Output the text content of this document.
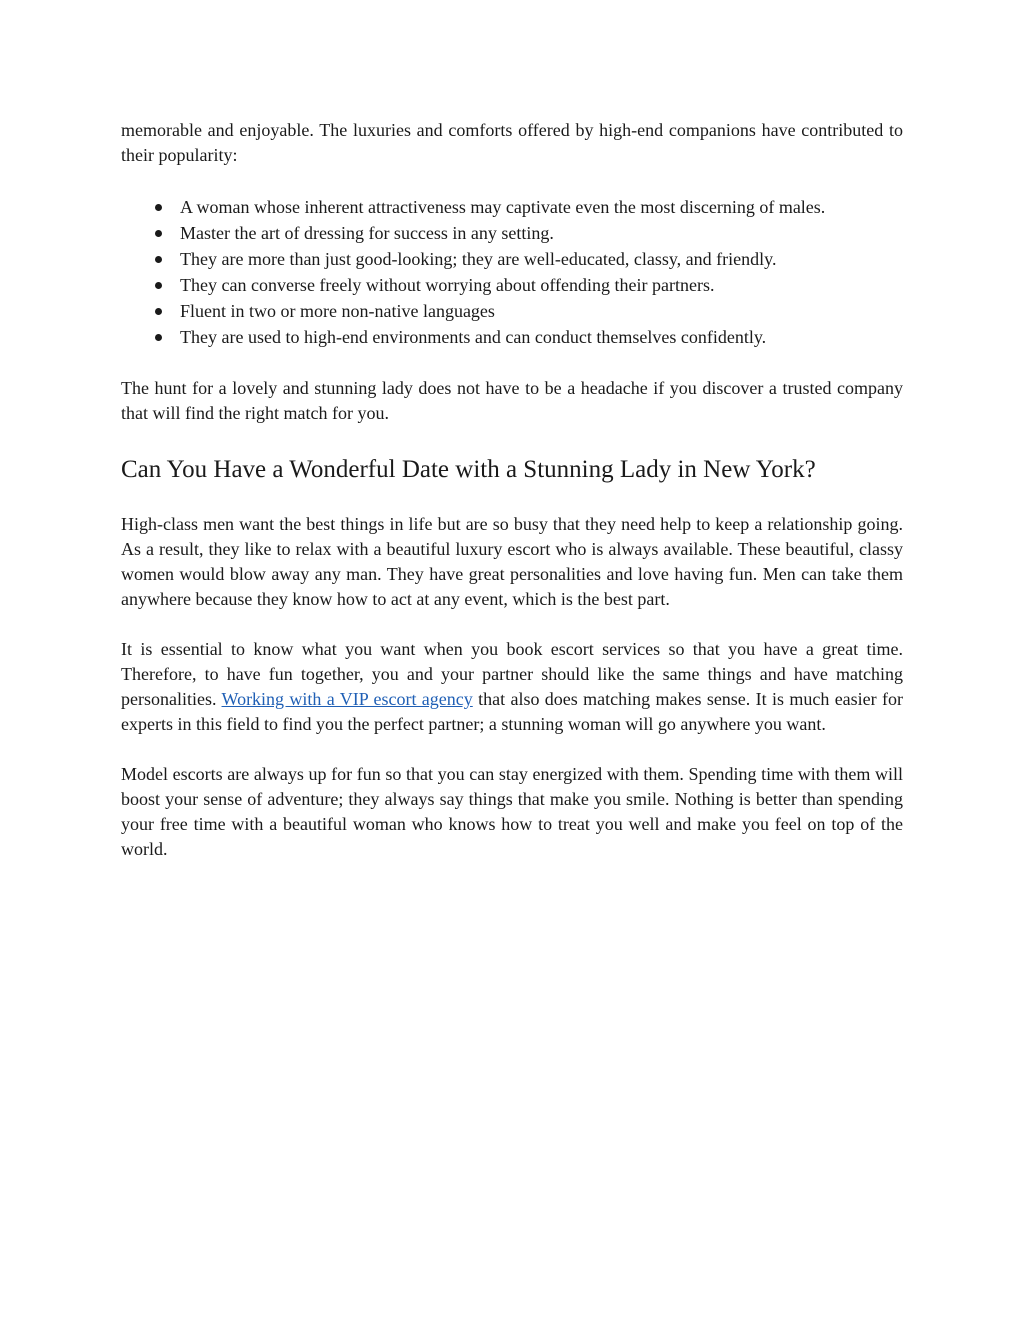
memorable and enjoyable. The luxuries and comforts offered by high-end companions have contributed to their popularity:

A woman whose inherent attractiveness may captivate even the most discerning of males.
Master the art of dressing for success in any setting.
They are more than just good-looking; they are well-educated, classy, and friendly.
They can converse freely without worrying about offending their partners.
Fluent in two or more non-native languages
They are used to high-end environments and can conduct themselves confidently.

The hunt for a lovely and stunning lady does not have to be a headache if you discover a trusted company that will find the right match for you.

Can You Have a Wonderful Date with a Stunning Lady in New York?

High-class men want the best things in life but are so busy that they need help to keep a relationship going. As a result, they like to relax with a beautiful luxury escort who is always available. These beautiful, classy women would blow away any man. They have great personalities and love having fun. Men can take them anywhere because they know how to act at any event, which is the best part.

It is essential to know what you want when you book escort services so that you have a great time. Therefore, to have fun together, you and your partner should like the same things and have matching personalities. Working with a VIP escort agency that also does matching makes sense. It is much easier for experts in this field to find you the perfect partner; a stunning woman will go anywhere you want.

Model escorts are always up for fun so that you can stay energized with them. Spending time with them will boost your sense of adventure; they always say things that make you smile. Nothing is better than spending your free time with a beautiful woman who knows how to treat you well and make you feel on top of the world.
